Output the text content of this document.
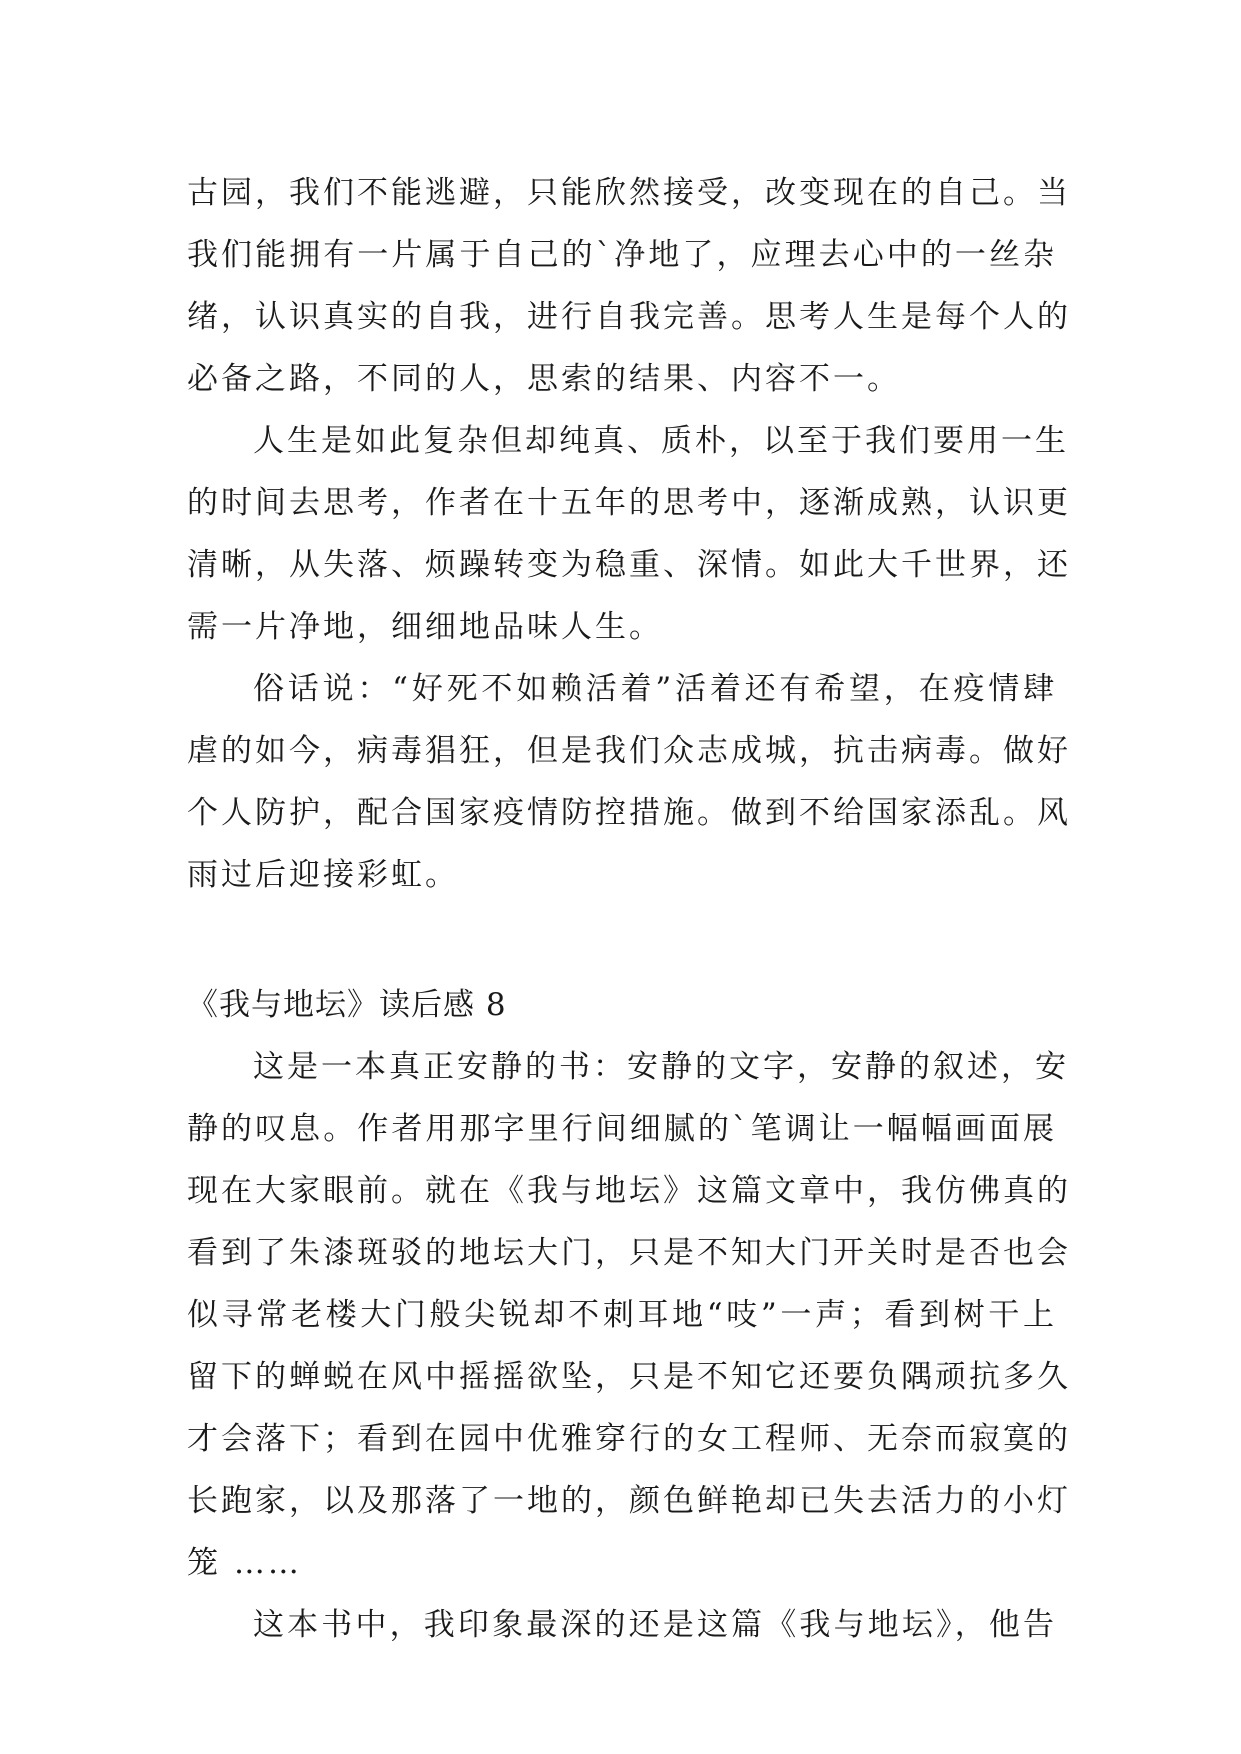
古园，我们不能逃避，只能欣然接受，改变现在的自己。当
我们能拥有一片属于自己的`净地了，应理去心中的一丝杂
绪，认识真实的自我，进行自我完善。思考人生是每个人的
必备之路，不同的人，思索的结果、内容不一。
人生是如此复杂但却纯真、质朴，以至于我们要用一生
的时间去思考，作者在十五年的思考中，逐渐成熟，认识更
清晰，从失落、烦躁转变为稳重、深情。如此大千世界，还
需一片净地，细细地品味人生。
俗话说：“好死不如赖活着”活着还有希望，在疫情肆
虐的如今，病毒猖狂，但是我们众志成城，抗击病毒。做好
个人防护，配合国家疫情防控措施。做到不给国家添乱。风
雨过后迎接彩虹。
《我与地坛》读后感 8
这是一本真正安静的书：安静的文字，安静的叙述，安
静的叹息。作者用那字里行间细腻的`笔调让一幅幅画面展
现在大家眼前。就在《我与地坛》这篇文章中，我仿佛真的
看到了朱漆斑驳的地坛大门，只是不知大门开关时是否也会
似寻常老楼大门般尖锐却不刺耳地“吱”一声；看到树干上
留下的蝉蜕在风中摇摇欲坠，只是不知它还要负隅顽抗多久
才会落下；看到在园中优雅穿行的女工程师、无奈而寂寞的
长跑家，以及那落了一地的，颜色鲜艳却已失去活力的小灯
笼 ……
这本书中，我印象最深的还是这篇《我与地坛》，他告
